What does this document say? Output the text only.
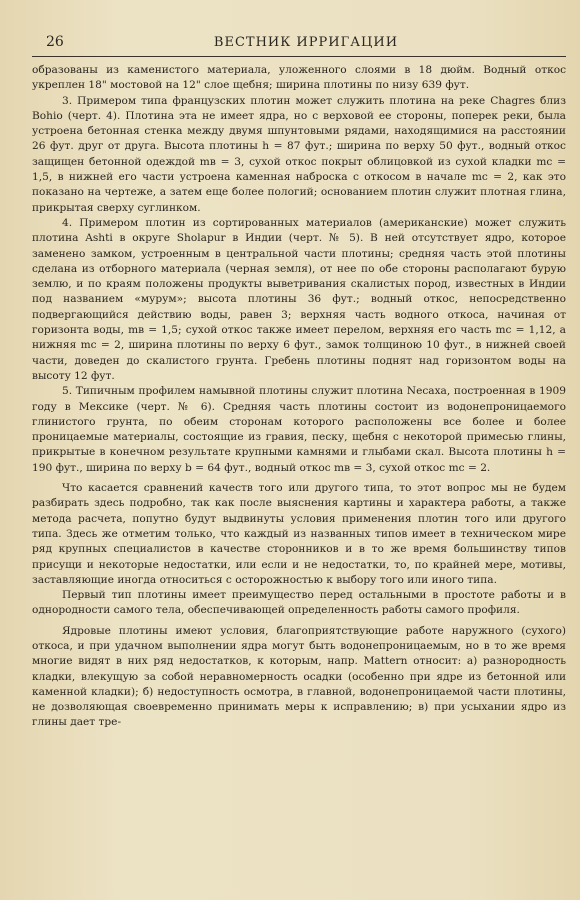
26	ВЕСТНИК ИРРИГАЦИИ

образованы из каменистого материала, уложенного слоями в 18 дюйм. Водный откос укреплен 18" мостовой на 12" слое щебня; ширина плотины по низу 639 фут.

3. Примером типа французских плотин может служить плотина на реке Chagres близ Bohio (черт. 4). Плотина эта не имеет ядра, но с верховой ее стороны, поперек реки, была устроена бетонная стенка между двумя шпунтовыми рядами, находящимися на расстоянии 26 фут. друг от друга. Высота плотины h = 87 фут.; ширина по верху 50 фут., водный откос защищен бетонной одеждой mв = 3, сухой откос покрыт облицовкой из сухой кладки mс = 1,5, в нижней его части устроена каменная наброска с откосом в начале mс = 2, как это показано на чертеже, а затем еще более пологий; основанием плотин служит плотная глина, прикрытая сверху суглинком.

4. Примером плотин из сортированных материалов (американские) может служить плотина Ashti в округе Sholapur в Индии (черт. № 5). В ней отсутствует ядро, которое заменено замком, устроенным в центральной части плотины; средняя часть этой плотины сделана из отборного материала (черная земля), от нее по обе стороны располагают бурую землю, и по краям положены продукты выветривания скалистых пород, известных в Индии под названием «мурум»; высота плотины 36 фут.; водный откос, непосредственно подвергающийся действию воды, равен 3; верхняя часть водного откоса, начиная от горизонта воды, mв = 1,5; сухой откос также имеет перелом, верхняя его часть mс = 1,12, а нижняя mс = 2, ширина плотины по верху 6 фут., замок толщиною 10 фут., в нижней своей части, доведен до скалистого грунта. Гребень плотины поднят над горизонтом воды на высоту 12 фут.

5. Типичным профилем намывной плотины служит плотина Necaxa, построенная в 1909 году в Мексике (черт. № 6). Средняя часть плотины состоит из водонепроницаемого глинистого грунта, по обеим сторонам которого расположены все более и более проницаемые материалы, состоящие из гравия, песку, щебня с некоторой примесью глины, прикрытые в конечном результате крупными камнями и глыбами скал. Высота плотины h = 190 фут., ширина по верху b = 64 фут., водный откос mв = 3, сухой откос mс = 2.

Что касается сравнений качеств того или другого типа, то этот вопрос мы не будем разбирать здесь подробно, так как после выяснения картины и характера работы, а также метода расчета, попутно будут выдвинуты условия применения плотин того или другого типа. Здесь же отметим только, что каждый из названных типов имеет в техническом мире ряд крупных специалистов в качестве сторонников и в то же время большинству типов присущи и некоторые недостатки, или если и не недостатки, то, по крайней мере, мотивы, заставляющие иногда относиться с осторожностью к выбору того или иного типа.

Первый тип плотины имеет преимущество перед остальными в простоте работы и в однородности самого тела, обеспечивающей определенность работы самого профиля.

Ядровые плотины имеют условия, благоприятствующие работе наружного (сухого) откоса, и при удачном выполнении ядра могут быть водонепроницаемым, но в то же время многие видят в них ряд недостатков, к которым, напр. Mattern относит: а) разнородность кладки, влекущую за собой неравномерность осадки (особенно при ядре из бетонной или каменной кладки); б) недоступность осмотра, в главной, водонепроницаемой части плотины, не дозволяющая своевременно принимать меры к исправлению; в) при усыхании ядро из глины дает тре-
